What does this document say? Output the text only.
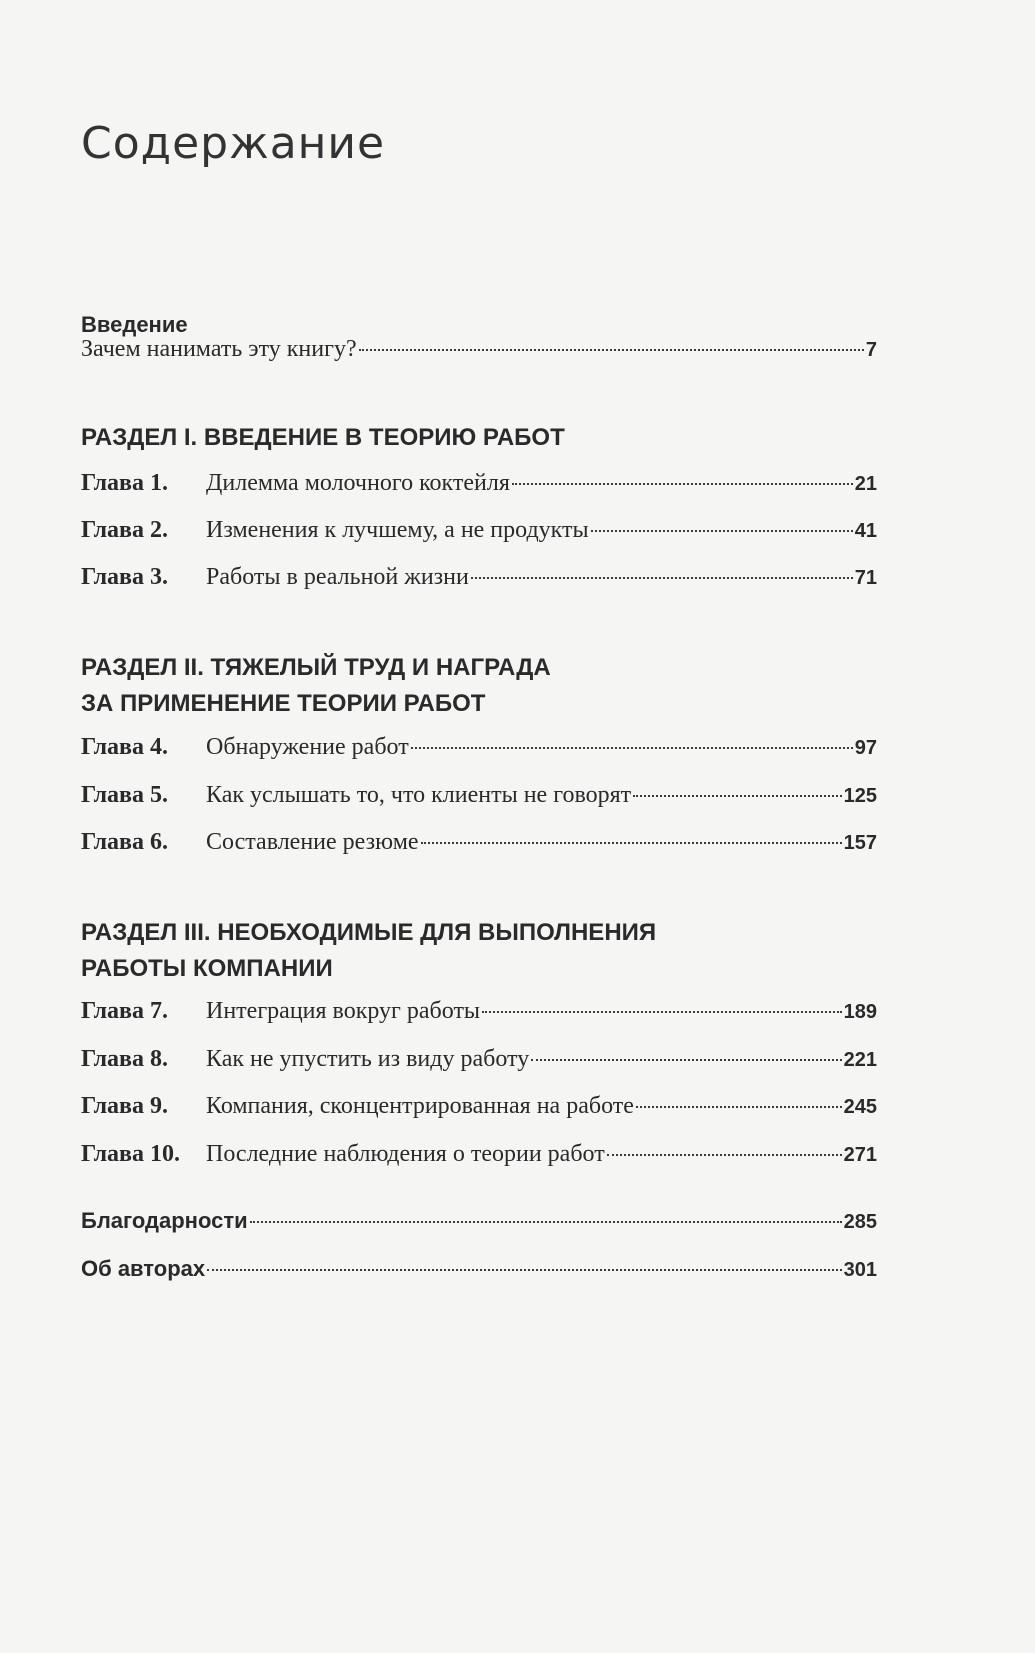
Содержание
Введение
Зачем нанимать эту книгу?	7
РАЗДЕЛ I. ВВЕДЕНИЕ В ТЕОРИЮ РАБОТ
Глава 1.	Дилемма молочного коктейля	21
Глава 2.	Изменения к лучшему, а не продукты	41
Глава 3.	Работы в реальной жизни	71
РАЗДЕЛ II. ТЯЖЕЛЫЙ ТРУД И НАГРАДА
ЗА ПРИМЕНЕНИЕ ТЕОРИИ РАБОТ
Глава 4.	Обнаружение работ	97
Глава 5.	Как услышать то, что клиенты не говорят	125
Глава 6.	Составление резюме	157
РАЗДЕЛ III. НЕОБХОДИМЫЕ ДЛЯ ВЫПОЛНЕНИЯ
РАБОТЫ КОМПАНИИ
Глава 7.	Интеграция вокруг работы	189
Глава 8.	Как не упустить из виду работу	221
Глава 9.	Компания, сконцентрированная на работе	245
Глава 10.	Последние наблюдения о теории работ	271
Благодарности	285
Об авторах	301
